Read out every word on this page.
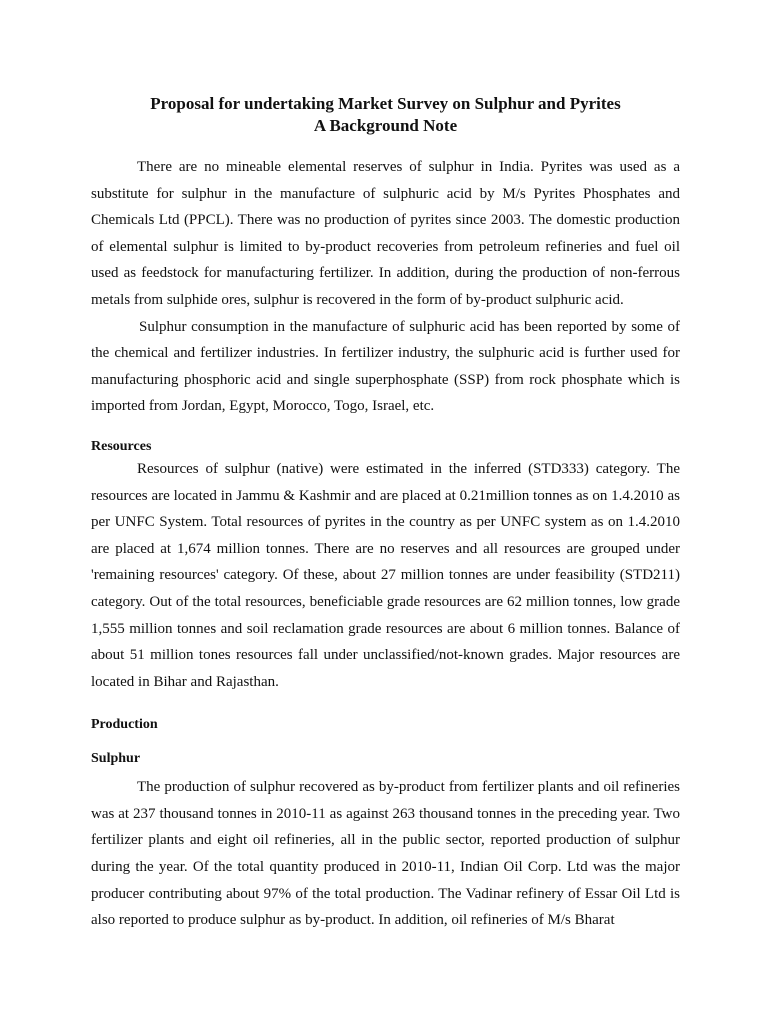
Proposal for undertaking Market Survey on Sulphur and Pyrites
A Background Note

There are no mineable elemental reserves of sulphur in India. Pyrites was used as a substitute for sulphur in the manufacture of sulphuric acid by M/s Pyrites Phosphates and Chemicals Ltd (PPCL). There was no production of pyrites since 2003. The domestic production of elemental sulphur is limited to by-product recoveries from petroleum refineries and fuel oil used as feedstock for manufacturing fertilizer. In addition, during the production of non-ferrous metals from sulphide ores, sulphur is recovered in the form of by-product sulphuric acid.

Sulphur consumption in the manufacture of sulphuric acid has been reported by some of the chemical and fertilizer industries. In fertilizer industry, the sulphuric acid is further used for manufacturing phosphoric acid and single superphosphate (SSP) from rock phosphate which is imported from Jordan, Egypt, Morocco, Togo, Israel, etc.

Resources

Resources of sulphur (native) were estimated in the inferred (STD333) category. The resources are located in Jammu & Kashmir and are placed at 0.21million tonnes as on 1.4.2010 as per UNFC System. Total resources of pyrites in the country as per UNFC system as on 1.4.2010 are placed at 1,674 million tonnes. There are no reserves and all resources are grouped under 'remaining resources' category. Of these, about 27 million tonnes are under feasibility (STD211) category. Out of the total resources, beneficiable grade resources are 62 million tonnes, low grade 1,555 million tonnes and soil reclamation grade resources are about 6 million tonnes. Balance of about 51 million tones resources fall under unclassified/not-known grades. Major resources are located in Bihar and Rajasthan.

Production
Sulphur

The production of sulphur recovered as by-product from fertilizer plants and oil refineries was at 237 thousand tonnes in 2010-11 as against 263 thousand tonnes in the preceding year. Two fertilizer plants and eight oil refineries, all in the public sector, reported production of sulphur during the year. Of the total quantity produced in 2010-11, Indian Oil Corp. Ltd was the major producer contributing about 97% of the total production. The Vadinar refinery of Essar Oil Ltd is also reported to produce sulphur as by-product. In addition, oil refineries of M/s Bharat
